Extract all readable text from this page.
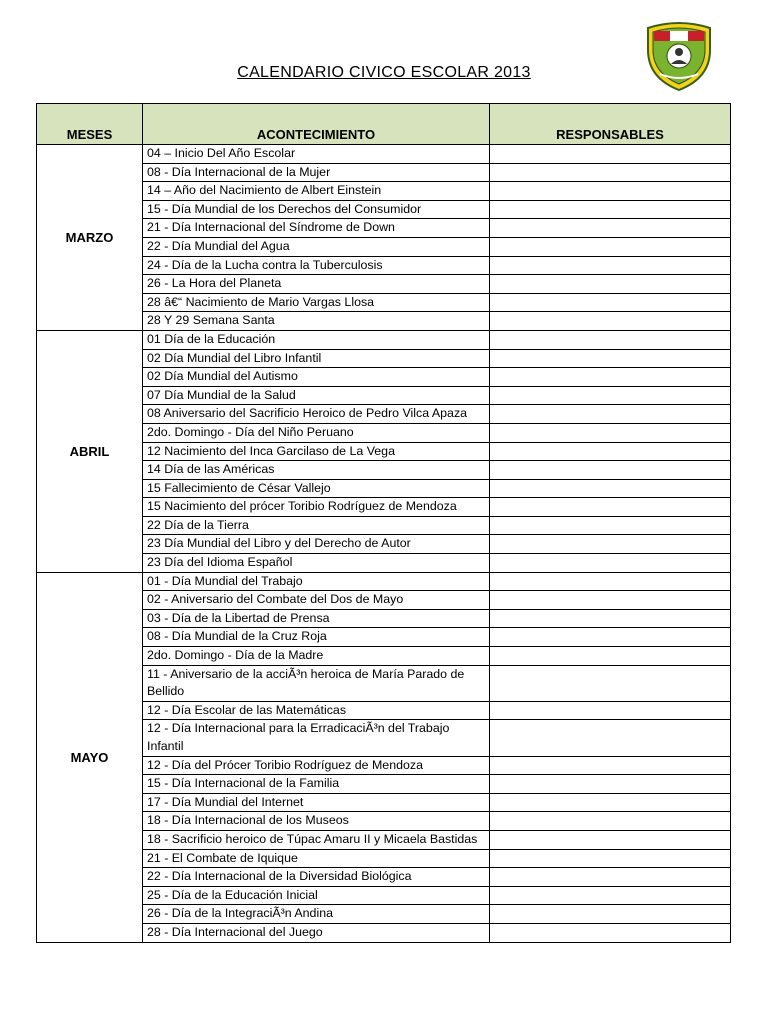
CALENDARIO CIVICO ESCOLAR 2013
MESES	ACONTECIMIENTO	RESPONSABLES
MARZO	04 – Inicio Del Año Escolar	
	08 - Día Internacional de la Mujer	
	14 – Año del Nacimiento de Albert Einstein	
	15 - Día Mundial de los Derechos del Consumidor	
	21 - Día Internacional del Síndrome de Down	
	22 - Día Mundial del Agua	
	24 - Día de la Lucha contra la Tuberculosis	
	26 - La Hora del Planeta	
	28 â€“ Nacimiento de Mario Vargas Llosa	
	28 Y 29 Semana Santa	
ABRIL	01 Día de la Educación	
	02 Día Mundial del Libro Infantil	
	02 Día Mundial del Autismo	
	07 Día Mundial de la Salud	
	08 Aniversario del Sacrificio Heroico de Pedro Vilca Apaza	
	2do. Domingo - Día del Niño Peruano	
	12 Nacimiento del Inca Garcilaso de La Vega	
	14 Día de las Américas	
	15 Fallecimiento de César Vallejo	
	15 Nacimiento del prócer Toribio Rodríguez de Mendoza	
	22 Día de la Tierra	
	23 Día Mundial del Libro y del Derecho de Autor	
	23 Día del Idioma Español	
MAYO	01 - Día Mundial del Trabajo	
	02 - Aniversario del Combate del Dos de Mayo	
	03 - Día de la Libertad de Prensa	
	08 - Día Mundial de la Cruz Roja	
	2do. Domingo - Día de la Madre	
	11 - Aniversario de la acciÃ³n heroica de María Parado de Bellido	
	12 - Día Escolar de las Matemáticas	
	12 - Día Internacional para la ErradicaciÃ³n del Trabajo Infantil	
	12 - Día del Prócer Toribio Rodríguez de Mendoza	
	15 - Día Internacional de la Familia	
	17 - Día Mundial del Internet	
	18 - Día Internacional de los Museos	
	18 - Sacrificio heroico de Túpac Amaru II y Micaela Bastidas	
	21 - El Combate de Iquique	
	22 - Día Internacional de la Diversidad Biológica	
	25 - Día de la Educación Inicial	
	26 - Día de la IntegraciÃ³n Andina	
	28 - Día Internacional del Juego	
